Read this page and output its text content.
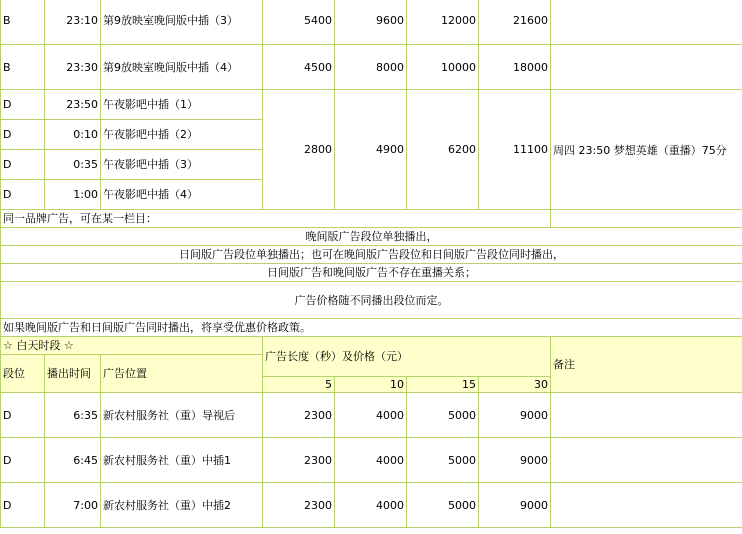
B	23:10	第9放映室晚间版中插（3）	5400	9600	12000	21600	
B	23:30	第9放映室晚间版中插（4）	4500	8000	10000	18000	
D	23:50	午夜影吧中插（1）	2800	4900	6200	11100	周四 23:50 梦想英雄（重播）75分
D	0:10	午夜影吧中插（2）					
D	0:35	午夜影吧中插（3）					
D	1:00	午夜影吧中插（4）					
同一品牌广告，可在某一栏目：							
晚间版广告段位单独播出，							
日间版广告段位单独播出；也可在晚间版广告段位和日间版广告段位同时播出，							
日间版广告和晚间版广告不存在重播关系；							
广告价格随不同播出段位而定。							
如果晚间版广告和日间版广告同时播出，将享受优惠价格政策。							
☆ 白天时段 ☆			广告长度（秒）及价格（元）				备注
段位	播出时间	广告位置					
			5	10	15	30	
D	6:35	新农村服务社（重）导视后	2300	4000	5000	9000	
D	6:45	新农村服务社（重）中插1	2300	4000	5000	9000	
D	7:00	新农村服务社（重）中插2	2300	4000	5000	9000	
